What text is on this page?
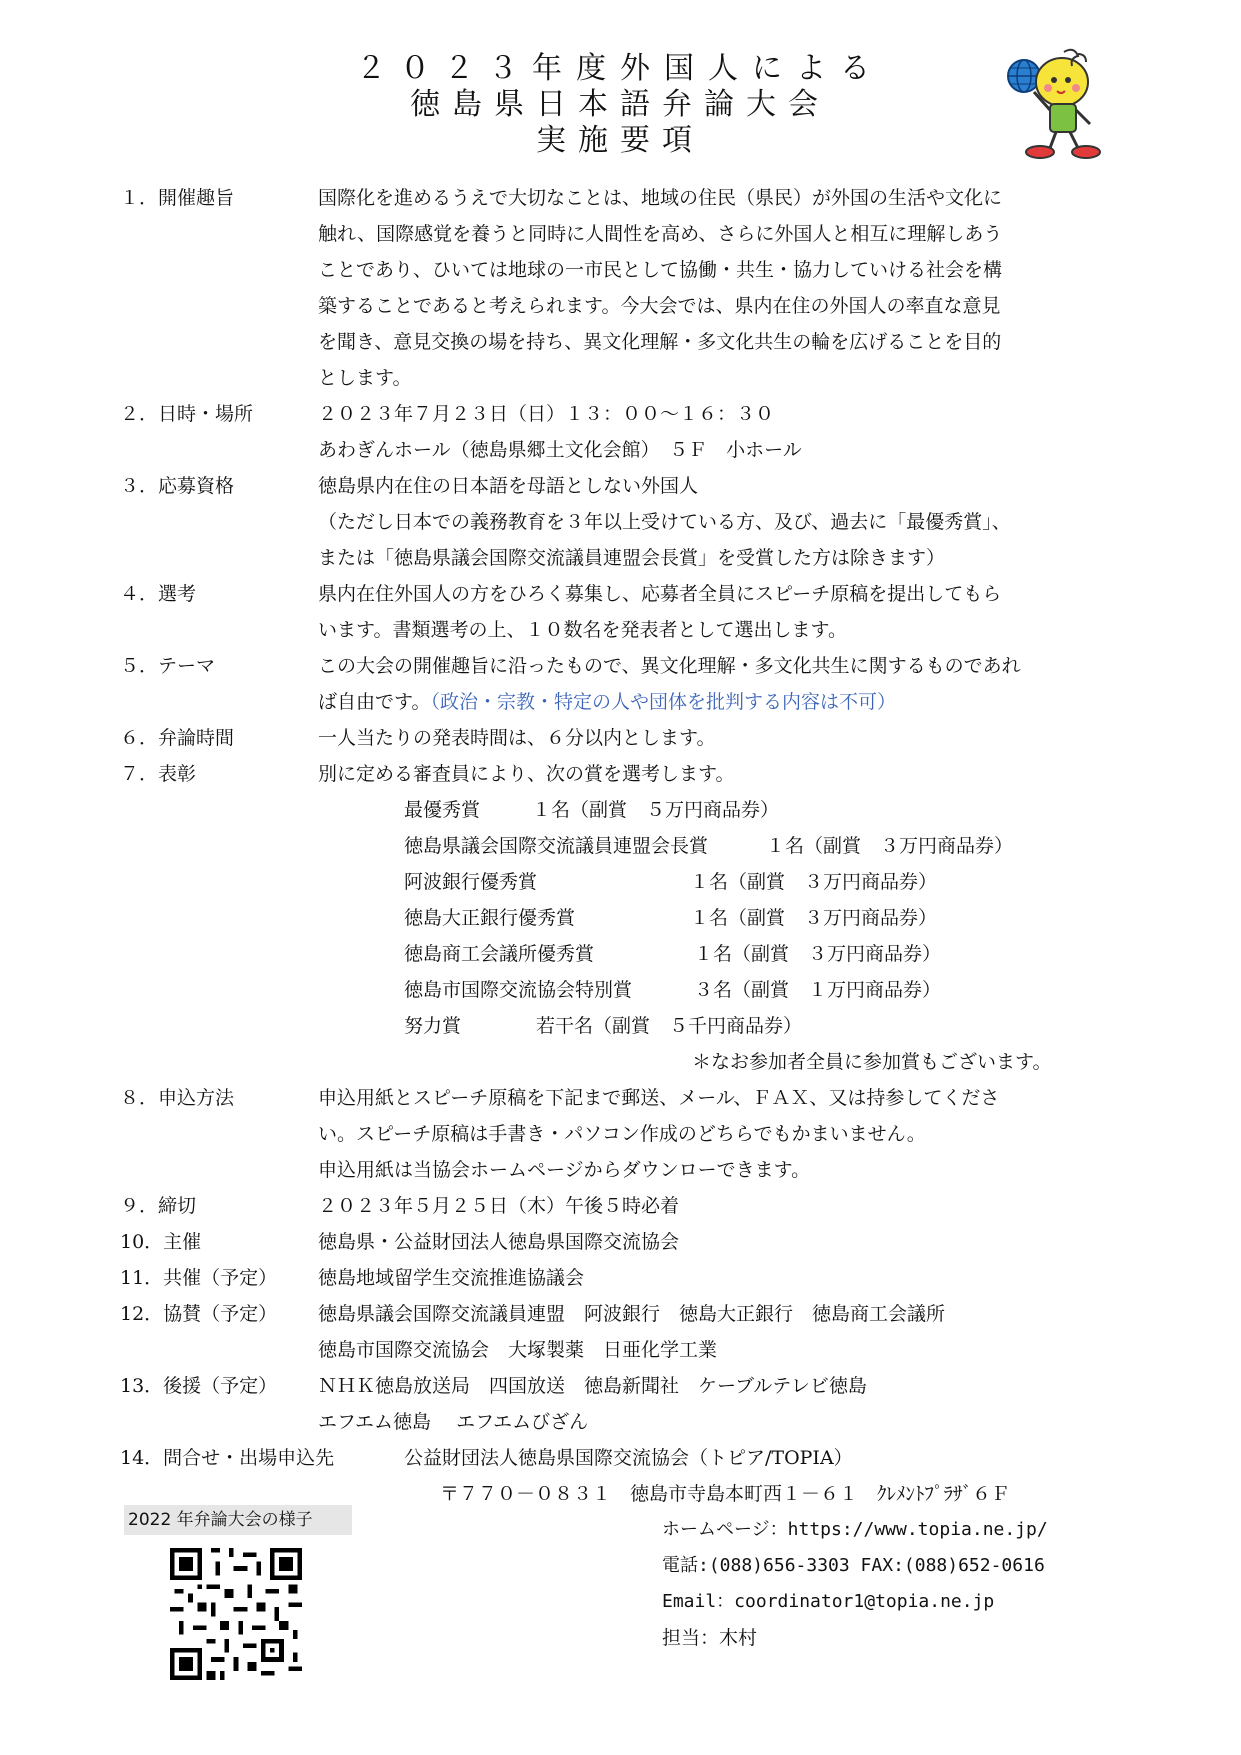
２０２３年度外国人による
徳島県日本語弁論大会
実施要項
１．開催趣旨	国際化を進めるうえで大切なことは、地域の住民（県民）が外国の生活や文化に
触れ、国際感覚を養うと同時に人間性を高め、さらに外国人と相互に理解しあう
ことであり、ひいては地球の一市民として協働・共生・協力していける社会を構
築することであると考えられます。今大会では、県内在住の外国人の率直な意見
を聞き、意見交換の場を持ち、異文化理解・多文化共生の輪を広げることを目的
とします。
２．日時・場所	２０２３年７月２３日（日）１３：００～１６：３０
あわぎんホール（徳島県郷土文化会館）　５Ｆ　小ホール
３．応募資格	徳島県内在住の日本語を母語としない外国人
（ただし日本での義務教育を３年以上受けている方、及び、過去に「最優秀賞」、
または「徳島県議会国際交流議員連盟会長賞」を受賞した方は除きます）
４．選考	県内在住外国人の方をひろく募集し、応募者全員にスピーチ原稿を提出してもら
います。書類選考の上、１０数名を発表者として選出します。
５．テーマ	この大会の開催趣旨に沿ったもので、異文化理解・多文化共生に関するものであれ
ば自由です。（政治・宗教・特定の人や団体を批判する内容は不可）
６．弁論時間	一人当たりの発表時間は、６分以内とします。
７．表彰	別に定める審査員により、次の賞を選考します。
最優秀賞	１名（副賞　５万円商品券）
徳島県議会国際交流議員連盟会長賞	１名（副賞　３万円商品券）
阿波銀行優秀賞	１名（副賞　３万円商品券）
徳島大正銀行優秀賞	１名（副賞　３万円商品券）
徳島商工会議所優秀賞	１名（副賞　３万円商品券）
徳島市国際交流協会特別賞	３名（副賞　１万円商品券）
努力賞	若干名（副賞　５千円商品券）
＊なお参加者全員に参加賞もございます。
８．申込方法	申込用紙とスピーチ原稿を下記まで郵送、メール、ＦＡＸ、又は持参してくださ
い。スピーチ原稿は手書き・パソコン作成のどちらでもかまいません。
申込用紙は当協会ホームページからダウンローできます。
９．締切	２０２３年５月２５日（木）午後５時必着
10．主催	徳島県・公益財団法人徳島県国際交流協会
11．共催（予定）	徳島地域留学生交流推進協議会
12．協賛（予定）	徳島県議会国際交流議員連盟　阿波銀行　徳島大正銀行　徳島商工会議所
徳島市国際交流協会　大塚製薬　日亜化学工業
13．後援（予定）	ＮＨＫ徳島放送局　四国放送　徳島新聞社　ケーブルテレビ徳島
エフエム徳島　 エフエムびざん
14．問合せ・出場申込先	公益財団法人徳島県国際交流協会（トピア/TOPIA）
〒７７０－０８３１　徳島市寺島本町西１－６１　ｸﾚﾒﾝﾄﾌﾟﾗｻﾞ６Ｆ
ホームページ：https://www.topia.ne.jp/
電話:(088)656-3303 FAX:(088)652-0616
Email：coordinator1@topia.ne.jp
担当：木村
2022 年弁論大会の様子
